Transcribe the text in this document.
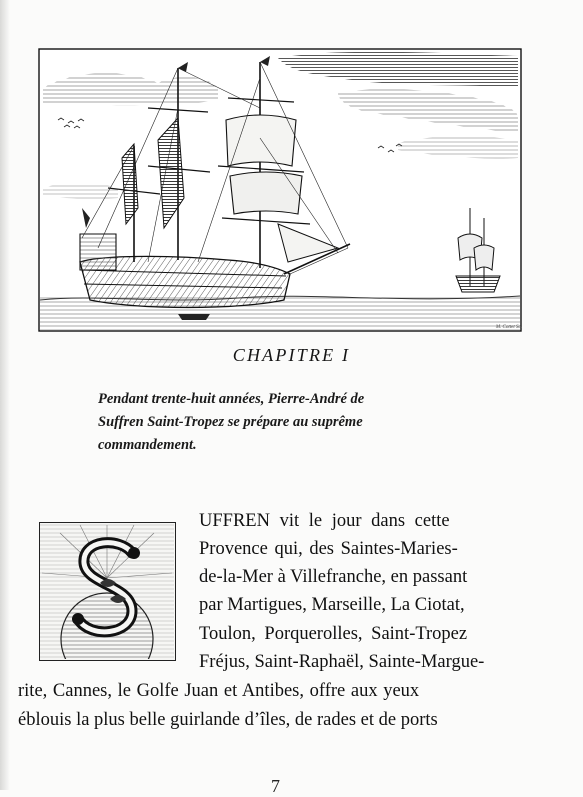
M. Cottet Sc.
CHAPITRE I
Pendant trente-huit années, Pierre-André de
Suffren Saint-Tropez se prépare au suprême
commandement.
UFFREN vit le jour dans cette
Provence qui, des Saintes-Maries-
de-la-Mer à Villefranche, en passant
par Martigues, Marseille, La Ciotat,
Toulon, Porquerolles, Saint-Tropez
Fréjus, Saint-Raphaël, Sainte-Margue-
rite, Cannes, le Golfe Juan et Antibes, offre aux yeux
éblouis la plus belle guirlande d’îles, de rades et de ports
7
